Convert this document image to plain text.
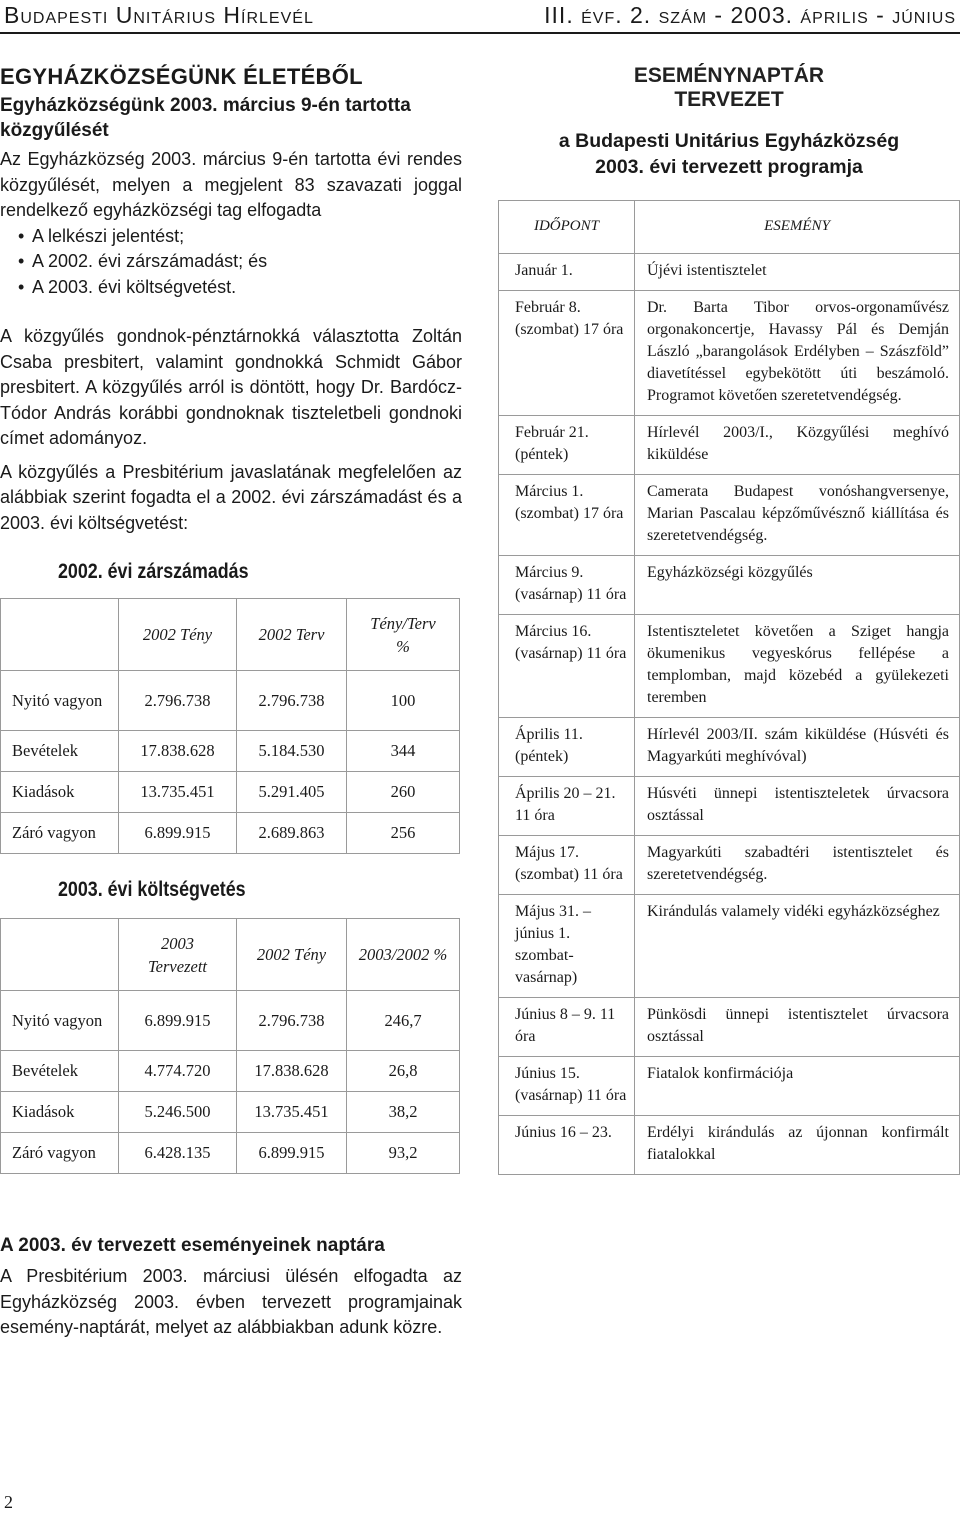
Budapesti Unitárius Hírlevél	III. évf. 2. szám - 2003. április - június
EGYHÁZKÖZSÉGÜNK ÉLETÉBŐL
Egyházközségünk 2003. március 9-én tartotta közgyűlését
Az Egyházközség 2003. március 9-én tartotta évi rendes közgyűlését, melyen a megjelent 83 szavazati joggal rendelkező egyházközségi tag elfogadta
• A lelkészi jelentést;
• A 2002. évi zárszámadást; és
• A 2003. évi költségvetést.
A közgyűlés gondnok-pénztárnokká választotta Zoltán Csaba presbitert, valamint gondnokká Schmidt Gábor presbitert. A közgyűlés arról is döntött, hogy Dr. Bardócz-Tódor András korábbi gondnoknak tiszteletbeli gondnoki címet adományoz.
A közgyűlés a Presbitérium javaslatának megfelelően az alábbiak szerint fogadta el a 2002. évi zárszámadást és a 2003. évi költségvetést:
2002. évi zárszámadás
	2002 Tény	2002 Terv	Tény/Terv %

Nyitó vagyon	2.796.738	2.796.738	100
Bevételek	17.838.628	5.184.530	344
Kiadások	13.735.451	5.291.405	260
Záró vagyon	6.899.915	2.689.863	256
2003. évi költségvetés

	2003 Tervezett	2002 Tény	2003/2002 %

Nyitó vagyon	6.899.915	2.796.738	246,7
Bevételek	4.774.720	17.838.628	26,8
Kiadások	5.246.500	13.735.451	38,2
Záró vagyon	6.428.135	6.899.915	93,2
A 2003. év tervezett eseményeinek naptára
A Presbitérium 2003. márciusi ülésén elfogadta az Egyházközség 2003. évben tervezett programjainak esemény-naptárát, melyet az alábbiakban adunk közre.
2
ESEMÉNYNAPTÁR
TERVEZET
a Budapesti Unitárius Egyházközség
2003. évi tervezett programja
IDŐPONT	ESEMÉNY
Január 1.	Újévi istentisztelet
Február 8. (szombat) 17 óra	Dr. Barta Tibor orvos-orgonaművész orgonakoncertje, Havassy Pál és Demján László „barangolások Erdélyben – Szászföld” diavetítéssel egybekötött úti beszámoló. Programot követően szeretetvendégség.
Február 21. (péntek)	Hírlevél 2003/I., Közgyűlési meghívó kiküldése
Március 1. (szombat) 17 óra	Camerata Budapest vonóshangversenye, Marian Pascalau képzőművésznő kiállítása és szeretetvendégség.
Március 9. (vasárnap) 11 óra	Egyházközségi közgyűlés
Március 16. (vasárnap) 11 óra	Istentiszteletet követően a Sziget hangja ökumenikus vegyeskórus fellépése a templomban, majd közebéd a gyülekezeti teremben
Április 11. (péntek)	Hírlevél 2003/II. szám kiküldése (Húsvéti és Magyarkúti meghívóval)
Április 20 – 21. 11 óra	Húsvéti ünnepi istentiszteletek úrvacsora osztással
Május 17. (szombat) 11 óra	Magyarkúti szabadtéri istentisztelet és szeretetvendégség.
Május 31. – június 1. szombat-vasárnap)	Kirándulás valamely vidéki egyházközséghez
Június 8 – 9. 11 óra	Pünkösdi ünnepi istentisztelet úrvacsora osztással
Június 15. (vasárnap) 11 óra	Fiatalok konfirmációja
Június 16 – 23.	Erdélyi kirándulás az újonnan konfirmált fiatalokkal
